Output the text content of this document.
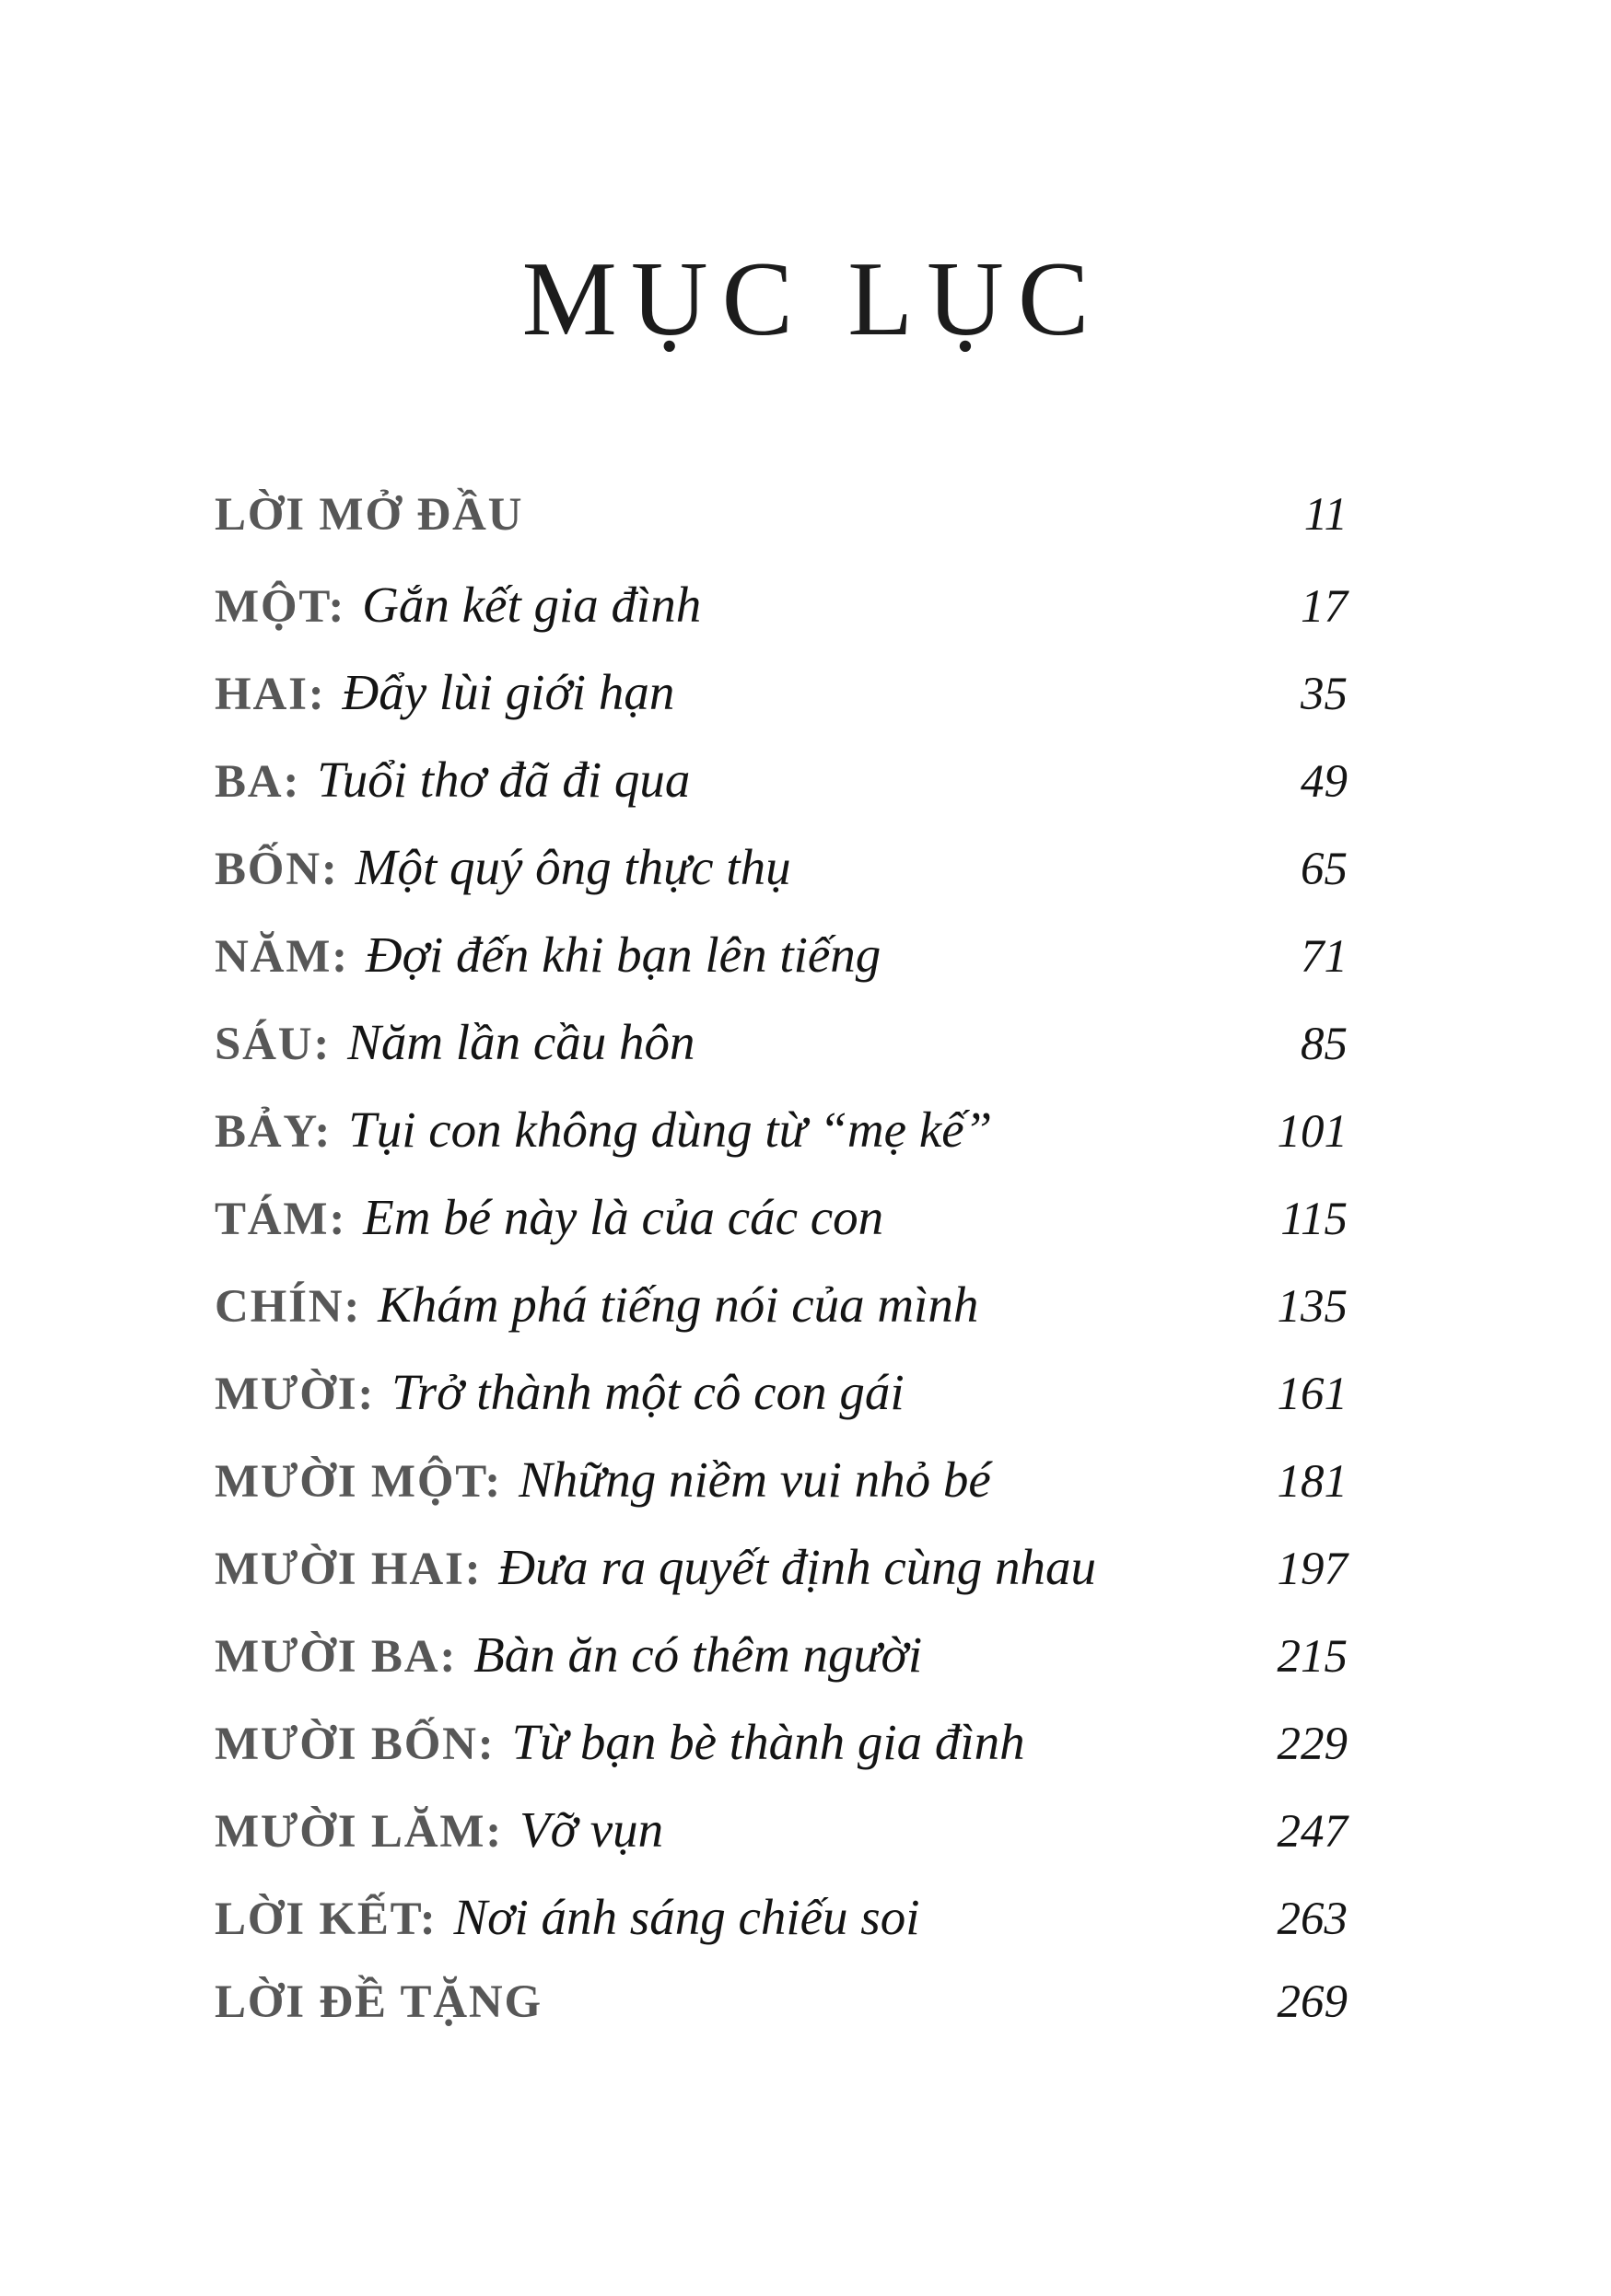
MỤC LỤC
LỜI MỞ ĐẦU	11
MỘT: Gắn kết gia đình	17
HAI: Đẩy lùi giới hạn	35
BA: Tuổi thơ đã đi qua	49
BỐN: Một quý ông thực thụ	65
NĂM: Đợi đến khi bạn lên tiếng	71
SÁU: Năm lần cầu hôn	85
BẢY: Tụi con không dùng từ “mẹ kế”	101
TÁM: Em bé này là của các con	115
CHÍN: Khám phá tiếng nói của mình	135
MƯỜI: Trở thành một cô con gái	161
MƯỜI MỘT: Những niềm vui nhỏ bé	181
MƯỜI HAI: Đưa ra quyết định cùng nhau	197
MƯỜI BA: Bàn ăn có thêm người	215
MƯỜI BỐN: Từ bạn bè thành gia đình	229
MƯỜI LĂM: Vỡ vụn	247
LỜI KẾT: Nơi ánh sáng chiếu soi	263
LỜI ĐỀ TẶNG	269
